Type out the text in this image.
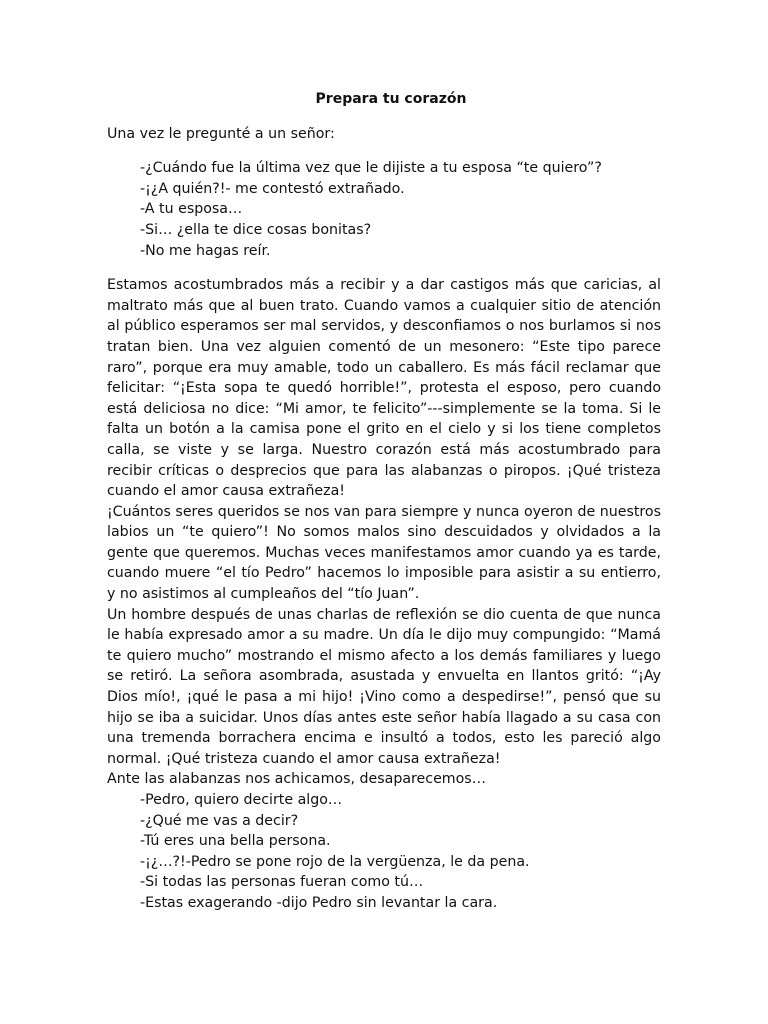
Prepara tu corazón

Una vez le pregunté a un señor:

-¿Cuándo fue la última vez que le dijiste a tu esposa “te quiero”?

-¡¿A quién?!- me contestó extrañado.

-A tu esposa…

-Si… ¿ella te dice cosas bonitas?

-No me hagas reír.

Estamos acostumbrados más a recibir y a dar castigos más que caricias, al maltrato más que al buen trato. Cuando vamos a cualquier sitio de atención al público esperamos ser mal servidos, y desconfiamos o nos burlamos si nos tratan bien. Una vez alguien comentó de un mesonero: “Este tipo parece raro”, porque era muy amable, todo un caballero. Es más fácil reclamar que felicitar: “¡Esta sopa te quedó horrible!”, protesta el esposo, pero cuando está deliciosa no dice: “Mi amor, te felicito”---simplemente se la toma. Si le falta un botón a la camisa pone el grito en el cielo y si los tiene completos calla, se viste y se larga. Nuestro corazón está más acostumbrado para recibir críticas o desprecios que para las alabanzas o piropos. ¡Qué tristeza cuando el amor causa extrañeza!

¡Cuántos seres queridos se nos van para siempre y nunca oyeron de nuestros labios un “te quiero”! No somos malos sino descuidados y olvidados a la gente que queremos. Muchas veces manifestamos amor cuando ya es tarde, cuando muere “el tío Pedro” hacemos lo imposible para asistir a su entierro, y no asistimos al cumpleaños del “tío Juan”.

Un hombre después de unas charlas de reflexión se dio cuenta de que nunca le había expresado amor a su madre. Un día le dijo muy compungido: “Mamá te quiero mucho” mostrando el mismo afecto a los demás familiares y luego se retiró. La señora asombrada, asustada y envuelta en llantos gritó: “¡Ay Dios mío!, ¡qué le pasa a mi hijo! ¡Vino como a despedirse!”, pensó que su hijo se iba a suicidar. Unos días antes este señor había llagado a su casa con una tremenda borrachera encima e insultó a todos, esto les pareció algo normal. ¡Qué tristeza cuando el amor causa extrañeza!

Ante las alabanzas nos achicamos, desaparecemos…

-Pedro, quiero decirte algo…

-¿Qué me vas a decir?

-Tú eres una bella persona.

-¡¿…?!-Pedro se pone rojo de la vergüenza, le da pena.

-Si todas las personas fueran como tú…

-Estas exagerando -dijo Pedro sin levantar la cara.
